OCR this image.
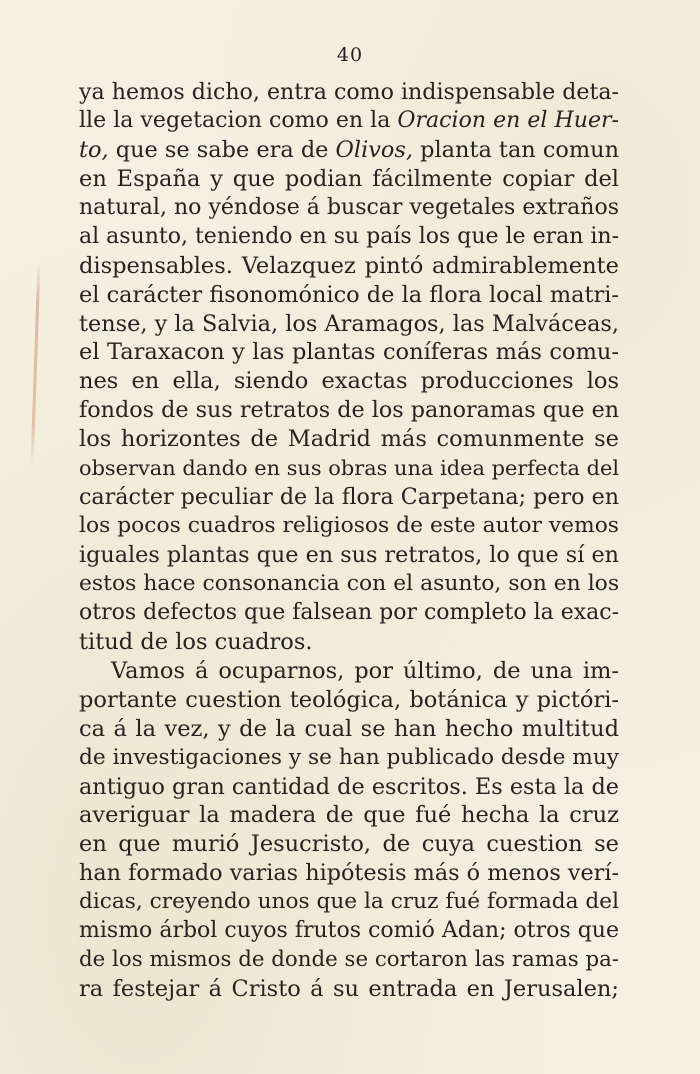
40
ya hemos dicho, entra como indispensable deta-
lle la vegetacion como en la Oracion en el Huer-
to, que se sabe era de Olivos, planta tan comun
en España y que podian fácilmente copiar del
natural, no yéndose á buscar vegetales extraños
al asunto, teniendo en su país los que le eran in-
dispensables. Velazquez pintó admirablemente
el carácter fisonomónico de la flora local matri-
tense, y la Salvia, los Aramagos, las Malváceas,
el Taraxacon y las plantas coníferas más comu-
nes en ella, siendo exactas producciones los
fondos de sus retratos de los panoramas que en
los horizontes de Madrid más comunmente se
observan dando en sus obras una idea perfecta del
carácter peculiar de la flora Carpetana; pero en
los pocos cuadros religiosos de este autor vemos
iguales plantas que en sus retratos, lo que sí en
estos hace consonancia con el asunto, son en los
otros defectos que falsean por completo la exac-
titud de los cuadros.
Vamos á ocuparnos, por último, de una im-
portante cuestion teológica, botánica y pictóri-
ca á la vez, y de la cual se han hecho multitud
de investigaciones y se han publicado desde muy
antiguo gran cantidad de escritos. Es esta la de
averiguar la madera de que fué hecha la cruz
en que murió Jesucristo, de cuya cuestion se
han formado varias hipótesis más ó menos verí-
dicas, creyendo unos que la cruz fué formada del
mismo árbol cuyos frutos comió Adan; otros que
de los mismos de donde se cortaron las ramas pa-
ra festejar á Cristo á su entrada en Jerusalen;
